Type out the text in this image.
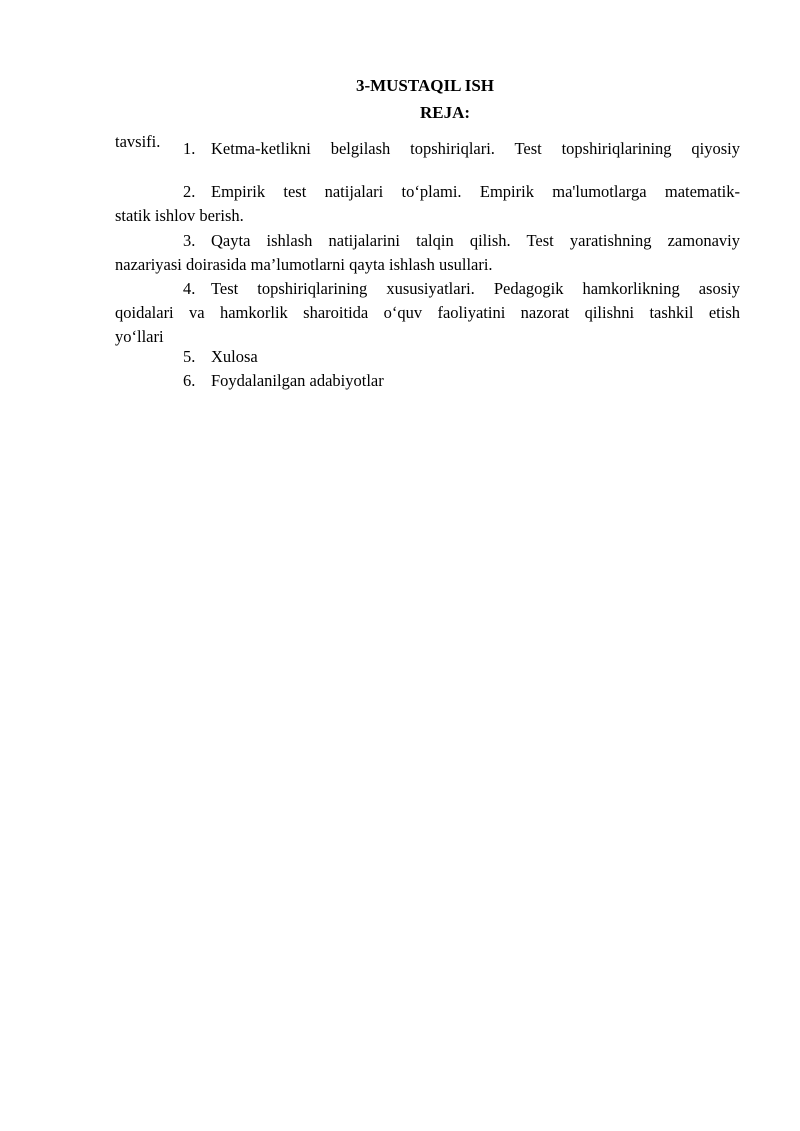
3-MUSTAQIL ISH
REJA:
tavsifi. 1. Ketma-ketlikni belgilash topshiriqlari. Test topshiriqlarining qiyosiy
2. Empirik test natijalari to‘plami. Empirik ma'lumotlarga matematik-
statik ishlov berish.
3. Qayta ishlash natijalarini talqin qilish. Test yaratishning zamonaviy
nazariyasi doirasida ma’lumotlarni qayta ishlash usullari.
4. Test topshiriqlarining xususiyatlari. Pedagogik hamkorlikning asosiy
qoidalari va hamkorlik sharoitida o‘quv faoliyatini nazorat qilishni tashkil etish
yo‘llari
5. Xulosa
6. Foydalanilgan adabiyotlar
